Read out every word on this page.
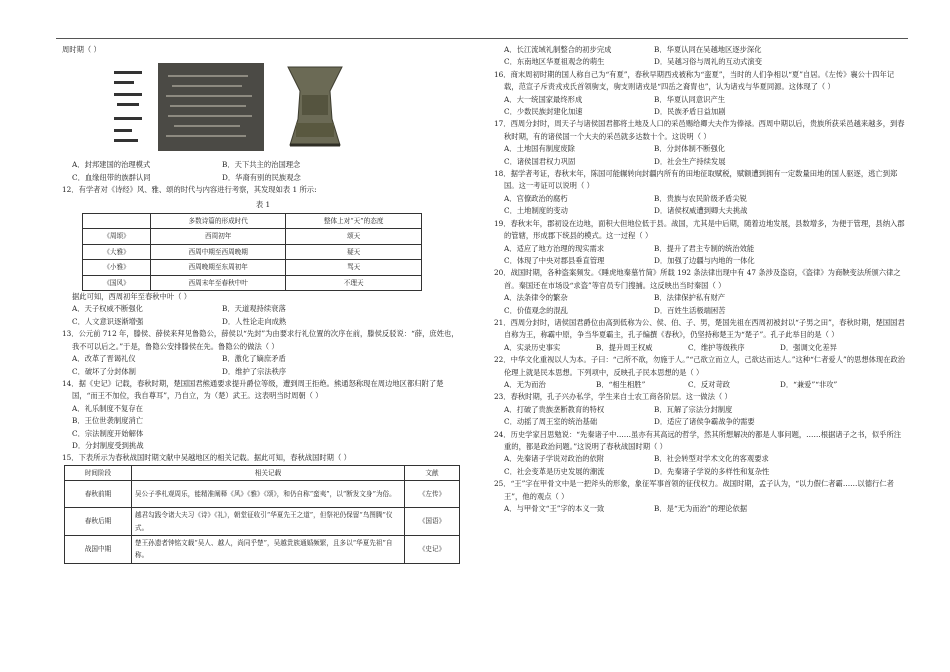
周时期（ ）

A．封邦建国的治理模式	B．天下共主的治国理念
C．血缘纽带的族群认同	D．华裔有别的民族观念

12．有学者对《诗经》风、雅、颂的时代与内容进行考察，其发现如表 1 所示:

表 1
	多数诗篇的形成时代	整体上对“天”的态度
《周颂》	西周初年	颂天
《大雅》	西周中期至西周晚期	疑天
《小雅》	西周晚期至东周初年	骂天
《国风》	西周末年至春秋中叶	不理天

据此可知，西周初年至春秋中叶（ ）

A．天子权威不断强化	B．天道观持续衰落
C．人文意识逐渐增强	D．人性论走向成熟

13．公元前 712 年，滕侯、薛侯来拜见鲁隐公，薛侯以“先封”为由要求行礼位置的次序在前，滕侯反驳说：“薛，庶姓也，我不可以后之。”于是，鲁隐公安排滕侯在先。鲁隐公的做法（ ）

A．改革了晋谒礼仪	B．激化了嫡庶矛盾
C．破坏了分封体制	D．维护了宗法秩序

14．据《史记》记载，春秋时期，楚国国君熊通要求提升爵位等级，遭到周王拒绝。熊通怒称现在周边地区都归附了楚国，“而王不加位，我自尊耳”，乃自立，为（楚）武王。这表明当时周朝（ ）

A．礼乐制度不复存在
B．王位世袭制度消亡
C．宗法制度开始解体
D．分封制度受到挑战

15．下表所示为春秋战国时期文献中吴越地区的相关记载。据此可知，春秋战国时期（ ）

时间阶段	相关记载	文献
春秋前期	吴公子季札观周乐，能精准阐释《风》《雅》《颂》，和仍自称“蛮夷”，以“断发文身”为俗。	《左传》
春秋后期	越君勾践令诸大夫习《诗》《礼》，朝堂征收引“华夏先王之道”，但祭祀仍保留“鸟图腾”仪式。	《国语》
战国中期	楚王孙遗者钟铭文载“吴人、越人，尚同乎楚”，吴越贵族通婚频繁，且多以“华夏先祖”自称。	《史记》
A．长江流域礼制整合的初步完成	B．华夏认同在吴越地区逐步深化
C．东南地区华夏祖观念的萌生	D．吴越习俗与周礼的互动式演变

16．商末周初时期的国人称自己为“有夏”，春秋早期西戎被称为“蛮夏”，当时的人们争相以“夏”自居。《左传》襄公十四年记载，范宣子斥责戎戎氏首领驹支，驹支则诸戎是“四岳之裔胄也”，认为诸戎与华夏同源。这体现了（ ）

A．大一统国家最终形成	B．华夏认同意识产生
C．少数民族封建化加速	D．民族矛盾日益加剧

17．西周分封时，周天子与诸侯国君都将土地及人口的采邑赐给卿大夫作为俸禄。西周中期以后，贵族所获采邑越来越多，到春秋时期，有的诸侯国一个大夫的采邑就多达数十个。这说明（ ）

A．土地国有制度废除	B．分封体制不断强化
C．诸侯国君权力巩固	D．社会生产持续发展

18．据学者考证，春秋末年，陈国可能辗转向封疆内所有的田地征取赋税，赋额遭到拥有一定数量田地的国人驱逐，逃亡到郑国。这一考证可以说明（ ）

A．官僚政治的腐朽	B．贵族与农民阶级矛盾尖锐
C．土地制度的变动	D．诸侯权威遭到卿大夫挑战

19．春秋末年，郡初设在边地，面积大但地位低于县。战国，尤其是中后期，随着边地发展，县数增多，为便于管理，县纳入郡的管辖，形成郡下统县的模式。这一过程（ ）

A．适应了地方治理的现实需求	B．提升了君主专制的统治效能
C．体现了中央对郡县垂直管理	D．加强了边疆与内地的一体化

20．战国时期，各种盗案频发。《睡虎地秦墓竹简》所载 192 条法律出现中有 47 条涉及盗窃，《盗律》为商鞅变法所颁六律之首。秦国还在市场设“求盗”等官员专门搜捕。这反映出当时秦国（ ）

A．法条律令的繁杂	B．法律保护私有财产
C．价值观念的混乱	D．百姓生活极端困苦

21．西周分封时，诸侯国君爵位由高到低称为公、侯、伯、子、男，楚国先祖在西周初被封以“子男之田”，春秋时期，楚国国君自称为王，称霸中原，争当华夏霸主，孔子编撰《春秋》，仍坚持称楚王为“楚子”。孔子此举目的是（ ）

A．实录历史事实	B．提升周王权威	C．维护等级秩序	D．强调文化差异

22．中华文化重视以人为本。子曰：“己所不欲，勿施于人。”“己欲立而立人，己欲达而达人。”这种“仁者爱人”的思想体现在政治伦理上就是民本思想。下列项中，反映孔子民本思想的是（ ）

A．无为而治	B．“相生相胜”	C．反对苛政	D．“兼爱”“非攻”

23．春秋时期，孔子兴办私学，学生来自士农工商各阶层。这一做法（ ）

A．打破了贵族垄断教育的特权	B．瓦解了宗法分封制度
C．动摇了周王室的统治基础	D．适应了诸侯争霸战争的需要

24．历史学家吕思勉说：“先秦诸子中……虽亦有其高远的哲学，然其所想解决的都是人事问题，……根据诸子之书，似乎所注重的，都是政治问题。”这说明了春秋战国时期（ ）

A．先秦诸子学说对政治的依附	B．社会转型对学术文化的客观要求
C．社会变革是历史发展的潮流	D．先秦诸子学说的多样性和复杂性

25．“王”字在甲骨文中是一把斧头的形象，象征军事首领的征伐权力。战国时期，孟子认为，“以力假仁者霸……以德行仁者王”，他的观点（ ）

A．与甲骨文“王”字的本义一致	B．是“无为而治”的理论依据
